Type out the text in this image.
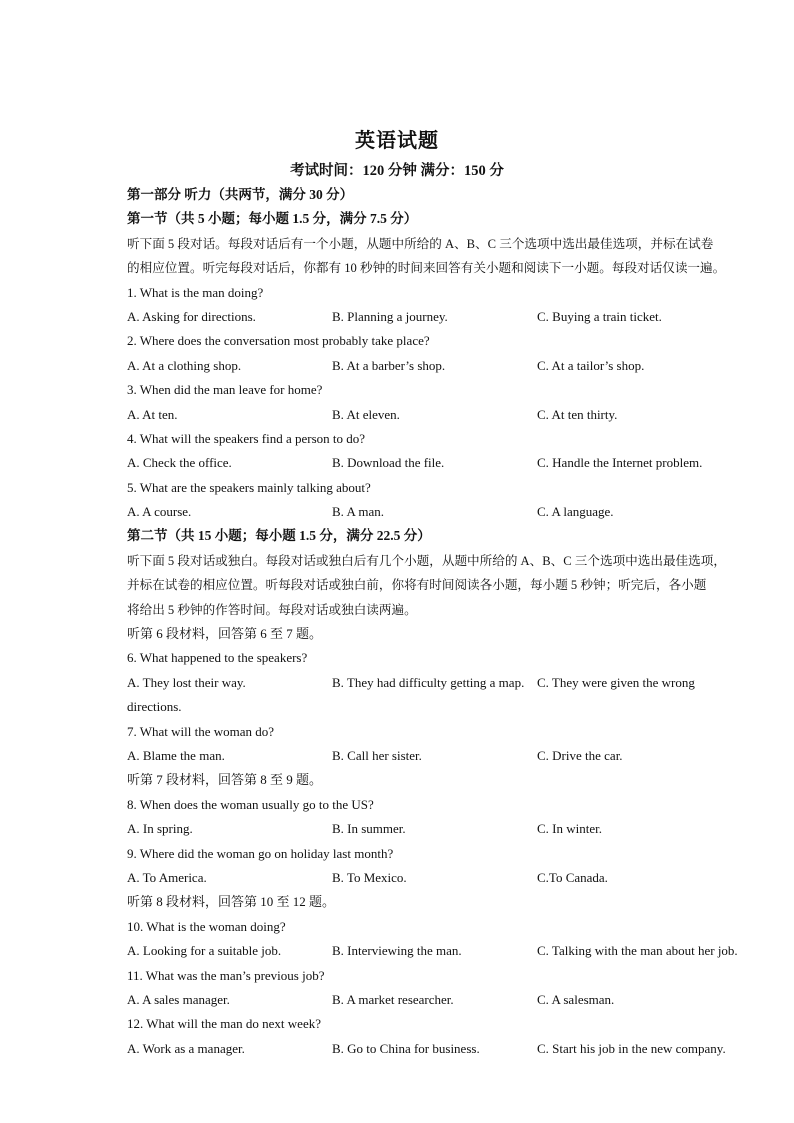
英语试题
考试时间：120 分钟 满分：150 分
第一部分 听力（共两节，满分 30 分）
第一节（共 5 小题；每小题 1.5 分，满分 7.5 分）
听下面 5 段对话。每段对话后有一个小题，从题中所给的 A、B、C 三个选项中选出最佳选项，并标在试卷
的相应位置。听完每段对话后，你都有 10 秒钟的时间来回答有关小题和阅读下一小题。每段对话仅读一遍。
1. What is the man doing?
A. Asking for directions.	B. Planning a journey.	C. Buying a train ticket.
2. Where does the conversation most probably take place?
A. At a clothing shop.	B. At a barber’s shop.	C. At a tailor’s shop.
3. When did the man leave for home?
A. At ten.	B. At eleven.	C. At ten thirty.
4. What will the speakers find a person to do?
A. Check the office.	B. Download the file.	C. Handle the Internet problem.
5. What are the speakers mainly talking about?
A. A course.	B. A man.	C. A language.
第二节（共 15 小题；每小题 1.5 分，满分 22.5 分）
听下面 5 段对话或独白。每段对话或独白后有几个小题，从题中所给的 A、B、C 三个选项中选出最佳选项，
并标在试卷的相应位置。听每段对话或独白前，你将有时间阅读各小题，每小题 5 秒钟；听完后，各小题
将给出 5 秒钟的作答时间。每段对话或独白读两遍。
听第 6 段材料，回答第 6 至 7 题。
6. What happened to the speakers?
A. They lost their way.	B. They had difficulty getting a map. C. They were given the wrong
directions.
7. What will the woman do?
A. Blame the man.	B. Call her sister.	C. Drive the car.
听第 7 段材料，回答第 8 至 9 题。
8. When does the woman usually go to the US?
A. In spring.	B. In summer.	C. In winter.
9. Where did the woman go on holiday last month?
A. To America.	B. To Mexico.	C.To Canada.
听第 8 段材料，回答第 10 至 12 题。
10. What is the woman doing?
A. Looking for a suitable job.	B. Interviewing the man.	C. Talking with the man about her job.
11. What was the man’s previous job?
A. A sales manager.	B. A market researcher.	C. A salesman.
12. What will the man do next week?
A. Work as a manager.	B. Go to China for business.	C. Start his job in the new company.
